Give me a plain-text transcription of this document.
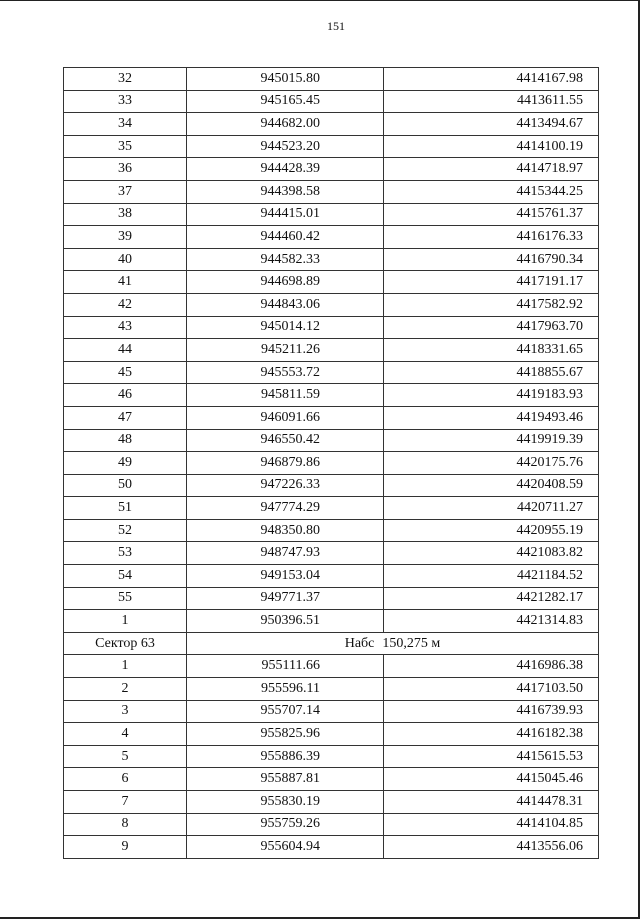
151
32	945015.80	4414167.98
33	945165.45	4413611.55
34	944682.00	4413494.67
35	944523.20	4414100.19
36	944428.39	4414718.97
37	944398.58	4415344.25
38	944415.01	4415761.37
39	944460.42	4416176.33
40	944582.33	4416790.34
41	944698.89	4417191.17
42	944843.06	4417582.92
43	945014.12	4417963.70
44	945211.26	4418331.65
45	945553.72	4418855.67
46	945811.59	4419183.93
47	946091.66	4419493.46
48	946550.42	4419919.39
49	946879.86	4420175.76
50	947226.33	4420408.59
51	947774.29	4420711.27
52	948350.80	4420955.19
53	948747.93	4421083.82
54	949153.04	4421184.52
55	949771.37	4421282.17
1	950396.51	4421314.83
Сектор 63	Набс 150,275 м	
1	955111.66	4416986.38
2	955596.11	4417103.50
3	955707.14	4416739.93
4	955825.96	4416182.38
5	955886.39	4415615.53
6	955887.81	4415045.46
7	955830.19	4414478.31
8	955759.26	4414104.85
9	955604.94	4413556.06
